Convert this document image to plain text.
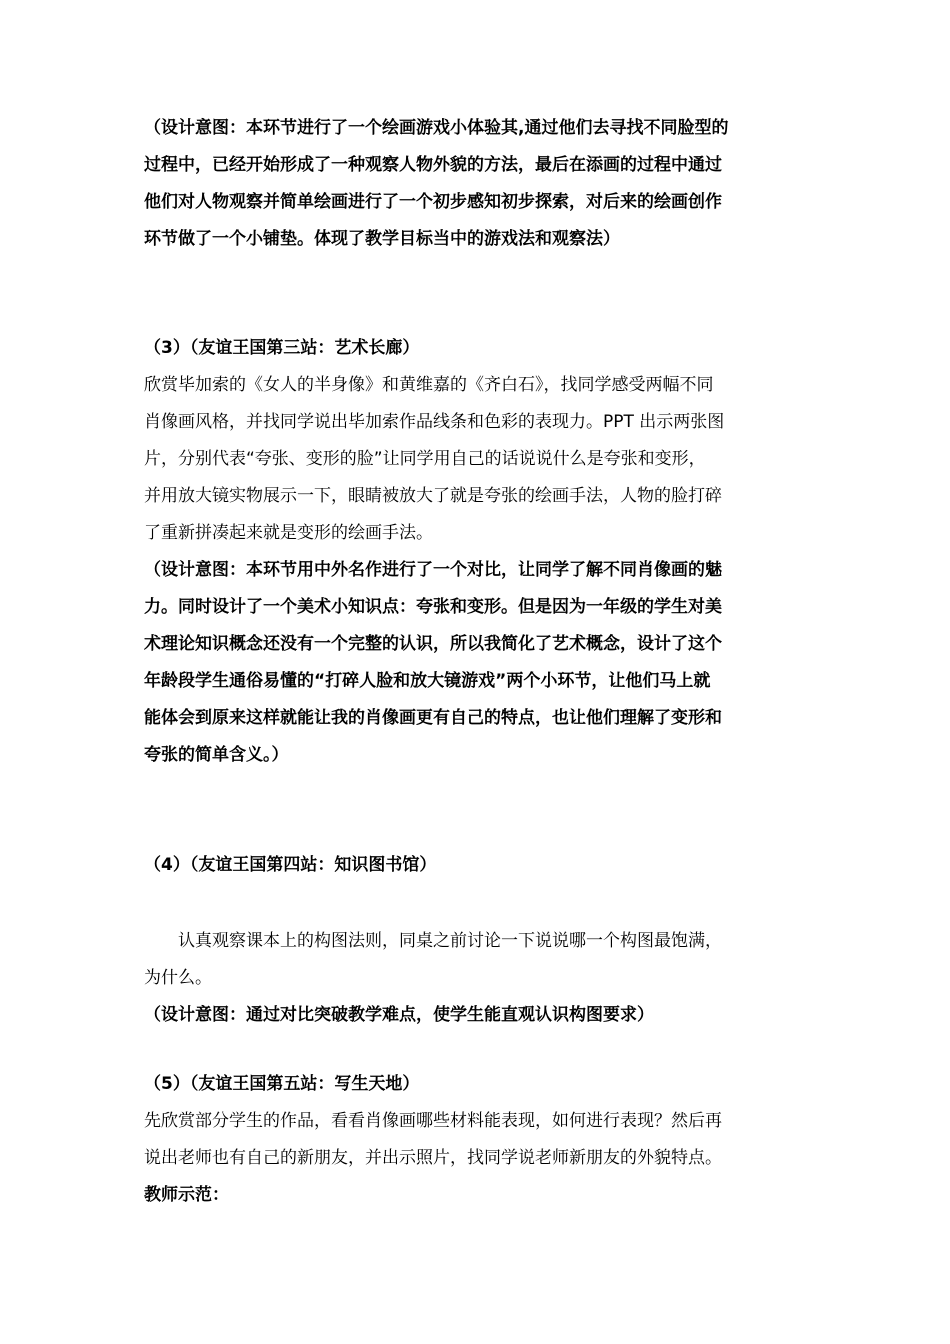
（设计意图：本环节进行了一个绘画游戏小体验其,通过他们去寻找不同脸型的
过程中，已经开始形成了一种观察人物外貌的方法，最后在添画的过程中通过
他们对人物观察并简单绘画进行了一个初步感知初步探索，对后来的绘画创作
环节做了一个小铺垫。体现了教学目标当中的游戏法和观察法）
（3）（友谊王国第三站：艺术长廊）
欣赏毕加索的《女人的半身像》和黄维嘉的《齐白石》，找同学感受两幅不同
肖像画风格，并找同学说出毕加索作品线条和色彩的表现力。PPT 出示两张图
片，分别代表“夸张、变形的脸”让同学用自己的话说说什么是夸张和变形，
并用放大镜实物展示一下，眼睛被放大了就是夸张的绘画手法，人物的脸打碎
了重新拼凑起来就是变形的绘画手法。
（设计意图：本环节用中外名作进行了一个对比，让同学了解不同肖像画的魅
力。同时设计了一个美术小知识点：夸张和变形。但是因为一年级的学生对美
术理论知识概念还没有一个完整的认识，所以我简化了艺术概念，设计了这个
年龄段学生通俗易懂的“打碎人脸和放大镜游戏”两个小环节，让他们马上就
能体会到原来这样就能让我的肖像画更有自己的特点，也让他们理解了变形和
夸张的简单含义。）
（4）（友谊王国第四站：知识图书馆）
认真观察课本上的构图法则，同桌之前讨论一下说说哪一个构图最饱满，
为什么。
（设计意图：通过对比突破教学难点，使学生能直观认识构图要求）
（5）（友谊王国第五站：写生天地）
先欣赏部分学生的作品，看看肖像画哪些材料能表现，如何进行表现？然后再
说出老师也有自己的新朋友，并出示照片，找同学说老师新朋友的外貌特点。
教师示范：
